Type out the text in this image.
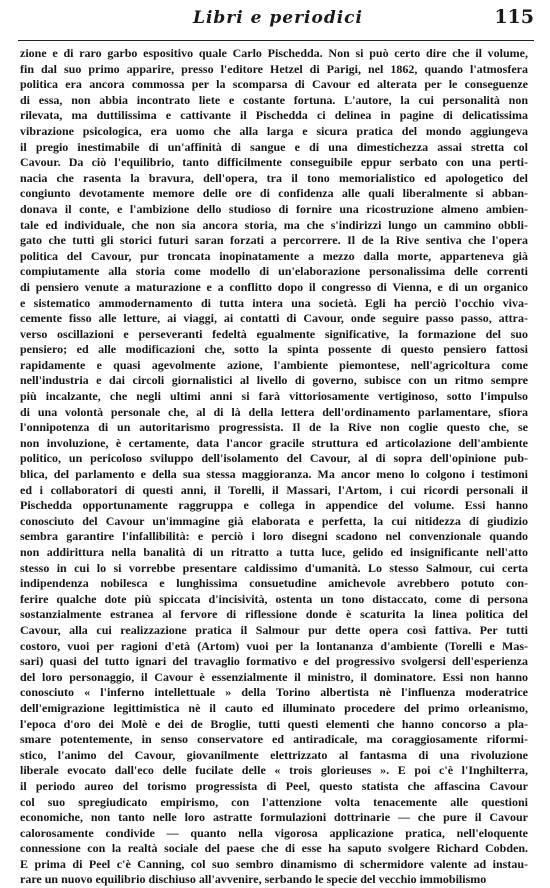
Libri e periodici	115
zione e di raro garbo espositivo quale Carlo Pischedda. Non si può certo dire che il volume,
fin dal suo primo apparire, presso l'editore Hetzel di Parigi, nel 1862, quando l'atmosfera
politica era ancora commossa per la scomparsa di Cavour ed alterata per le conseguenze
di essa, non abbia incontrato liete e costante fortuna. L'autore, la cui personalità non
rilevata, ma duttilissima e cattivante il Pischedda ci delinea in pagine di delicatissima
vibrazione psicologica, era uomo che alla larga e sicura pratica del mondo aggiungeva
il pregio inestimabile di un'affinità di sangue e di una dimestichezza assai stretta col
Cavour. Da ciò l'equilibrio, tanto difficilmente conseguibile eppur serbato con una perti-
nacia che rasenta la bravura, dell'opera, tra il tono memorialistico ed apologetico del
congiunto devotamente memore delle ore di confidenza alle quali liberalmente si abban-
donava il conte, e l'ambizione dello studioso di fornire una ricostruzione almeno ambien-
tale ed individuale, che non sia ancora storia, ma che s'indirizzi lungo un cammino obbli-
gato che tutti gli storici futuri saran forzati a percorrere. Il de la Rive sentiva che l'opera
politica del Cavour, pur troncata inopinatamente a mezzo dalla morte, apparteneva già
compiutamente alla storia come modello di un'elaborazione personalissima delle correnti
di pensiero venute a maturazione e a conflitto dopo il congresso di Vienna, e di un organico
e sistematico ammodernamento di tutta intera una società. Egli ha perciò l'occhio viva-
cemente fisso alle letture, ai viaggi, ai contatti di Cavour, onde seguire passo passo, attra-
verso oscillazioni e perseveranti fedeltà egualmente significative, la formazione del suo
pensiero; ed alle modificazioni che, sotto la spinta possente di questo pensiero fattosi
rapidamente e quasi agevolmente azione, l'ambiente piemontese, nell'agricoltura come
nell'industria e dai circoli giornalistici al livello di governo, subisce con un ritmo sempre
più incalzante, che negli ultimi anni si farà vittoriosamente vertiginoso, sotto l'impulso
di una volontà personale che, al di là della lettera dell'ordinamento parlamentare, sfiora
l'onnipotenza di un autoritarismo progressista. Il de la Rive non coglie questo che, se
non involuzione, è certamente, data l'ancor gracile struttura ed articolazione dell'ambiente
politico, un pericoloso sviluppo dell'isolamento del Cavour, al di sopra dell'opinione pub-
blica, del parlamento e della sua stessa maggioranza. Ma ancor meno lo colgono i testimoni
ed i collaboratori di questi anni, il Torelli, il Massari, l'Artom, i cui ricordi personali il
Pischedda opportunamente raggruppa e collega in appendice del volume. Essi hanno
conosciuto del Cavour un'immagine già elaborata e perfetta, la cui nitidezza di giudizio
sembra garantire l'infallibilità: e perciò i loro disegni scadono nel convenzionale quando
non addirittura nella banalità di un ritratto a tutta luce, gelido ed insignificante nell'atto
stesso in cui lo si vorrebbe presentare caldissimo d'umanità. Lo stesso Salmour, cui certa
indipendenza nobilesca e lunghissima consuetudine amichevole avrebbero potuto con-
ferire qualche dote più spiccata d'incisività, ostenta un tono distaccato, come di persona
sostanzialmente estranea al fervore di riflessione donde è scaturita la linea politica del
Cavour, alla cui realizzazione pratica il Salmour pur dette opera così fattiva. Per tutti
costoro, vuoi per ragioni d'età (Artom) vuoi per la lontananza d'ambiente (Torelli e Mas-
sari) quasi del tutto ignari del travaglio formativo e del progressivo svolgersi dell'esperienza
del loro personaggio, il Cavour è essenzialmente il ministro, il dominatore. Essi non hanno
conosciuto « l'inferno intellettuale » della Torino albertista nè l'influenza moderatrice
dell'emigrazione legittimistica nè il cauto ed illuminato procedere del primo orleanismo,
l'epoca d'oro dei Molè e dei de Broglie, tutti questi elementi che hanno concorso a pla-
smare potentemente, in senso conservatore ed antiradicale, ma coraggiosamente riformi-
stico, l'animo del Cavour, giovanilmente elettrizzato al fantasma di una rivoluzione
liberale evocato dall'eco delle fucilate delle « trois glorieuses ». E poi c'è l'Inghilterra,
il periodo aureo del torismo progressista di Peel, questo statista che affascina Cavour
col suo spregiudicato empirismo, con l'attenzione volta tenacemente alle questioni
economiche, non tanto nelle loro astratte formulazioni dottrinarie — che pure il Cavour
calorosamente condivide — quanto nella vigorosa applicazione pratica, nell'eloquente
connessione con la realtà sociale del paese che di esse ha saputo svolgere Richard Cobden.
E prima di Peel c'è Canning, col suo sembro dinamismo di schermidore valente ad instau-
rare un nuovo equilibrio dischiuso all'avvenire, serbando le specie del vecchio immobilismo
